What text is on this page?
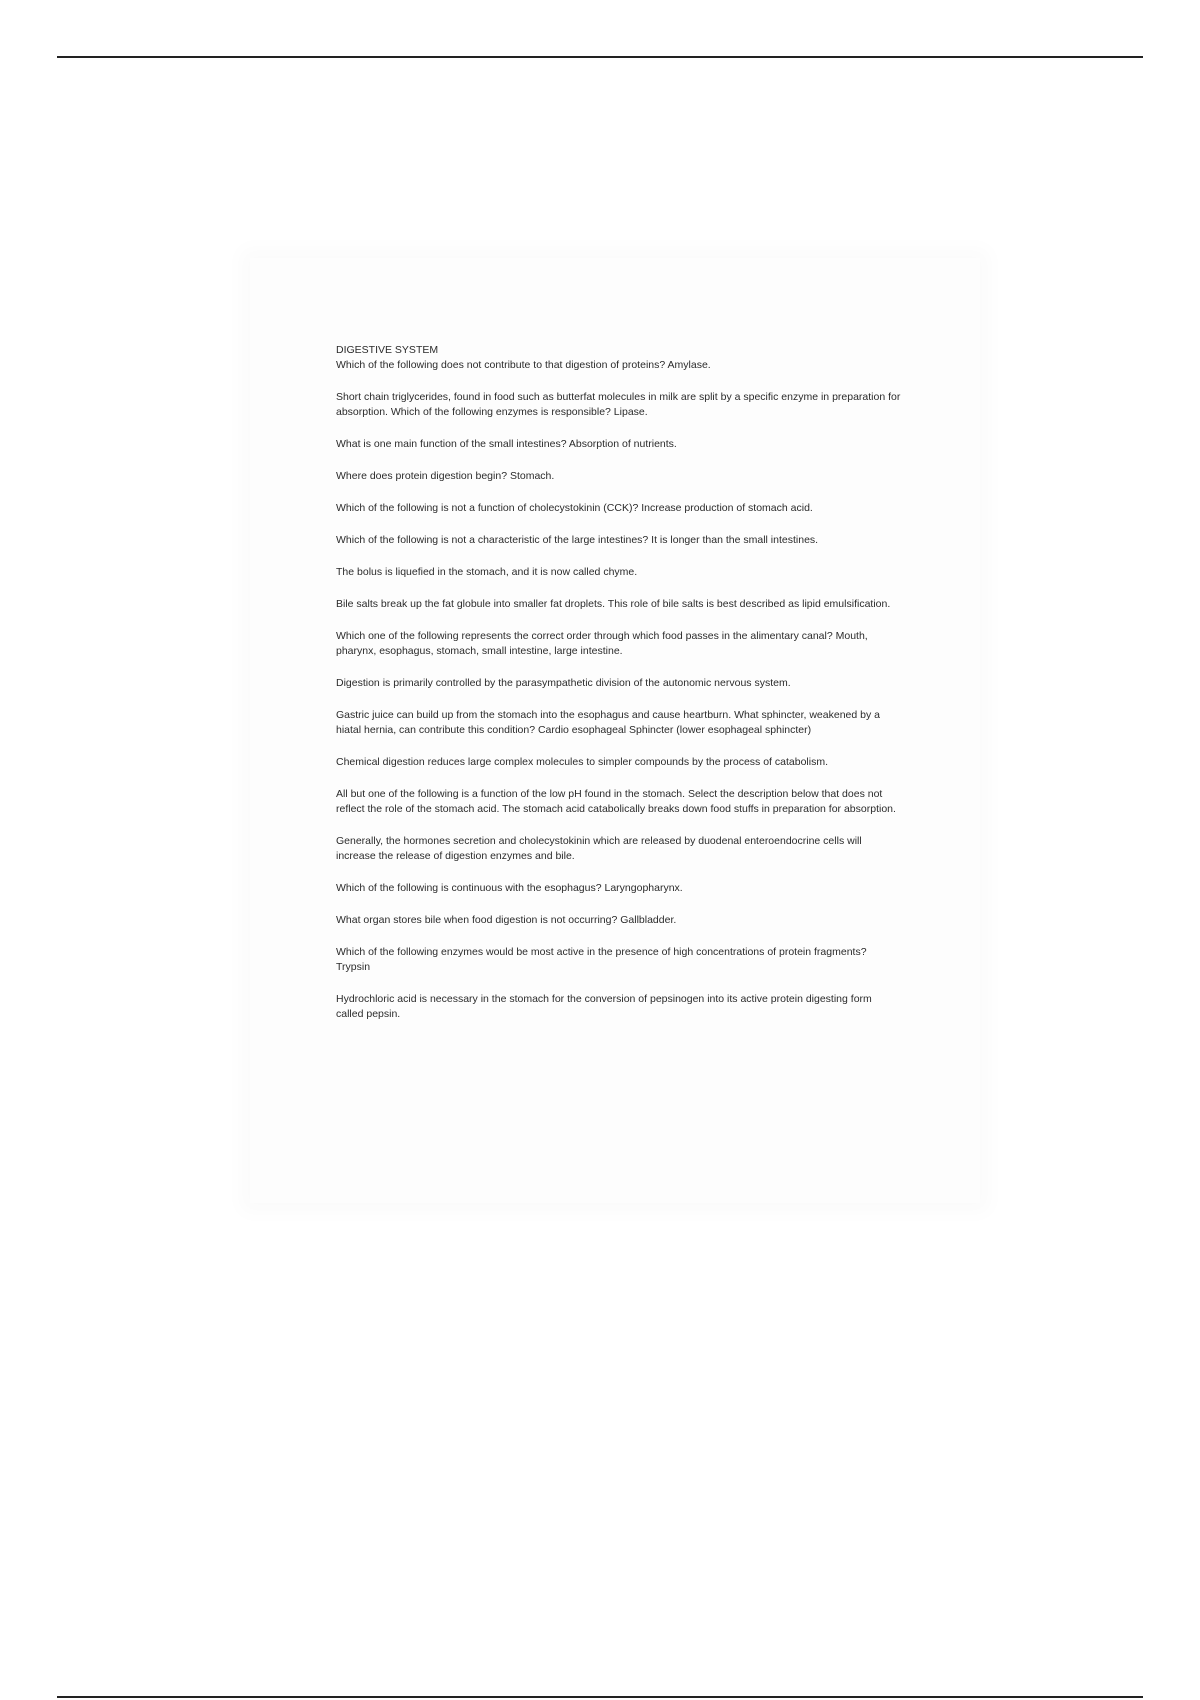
DIGESTIVE SYSTEM

Which of the following does not contribute to that digestion of proteins? Amylase.

Short chain triglycerides, found in food such as butterfat molecules in milk are split by a specific enzyme in preparation for absorption. Which of the following enzymes is responsible? Lipase.

What is one main function of the small intestines? Absorption of nutrients.

Where does protein digestion begin? Stomach.

Which of the following is not a function of cholecystokinin (CCK)? Increase production of stomach acid.

Which of the following is not a characteristic of the large intestines? It is longer than the small intestines.

The bolus is liquefied in the stomach, and it is now called chyme.

Bile salts break up the fat globule into smaller fat droplets. This role of bile salts is best described as lipid emulsification.

Which one of the following represents the correct order through which food passes in the alimentary canal? Mouth, pharynx, esophagus, stomach, small intestine, large intestine.

Digestion is primarily controlled by the parasympathetic division of the autonomic nervous system.

Gastric juice can build up from the stomach into the esophagus and cause heartburn. What sphincter, weakened by a hiatal hernia, can contribute this condition? Cardio esophageal Sphincter (lower esophageal sphincter)

Chemical digestion reduces large complex molecules to simpler compounds by the process of catabolism.

All but one of the following is a function of the low pH found in the stomach. Select the description below that does not reflect the role of the stomach acid. The stomach acid catabolically breaks down food stuffs in preparation for absorption.

Generally, the hormones secretion and cholecystokinin which are released by duodenal enteroendocrine cells will increase the release of digestion enzymes and bile.

Which of the following is continuous with the esophagus? Laryngopharynx.

What organ stores bile when food digestion is not occurring? Gallbladder.

Which of the following enzymes would be most active in the presence of high concentrations of protein fragments? Trypsin

Hydrochloric acid is necessary in the stomach for the conversion of pepsinogen into its active protein digesting form called pepsin.
